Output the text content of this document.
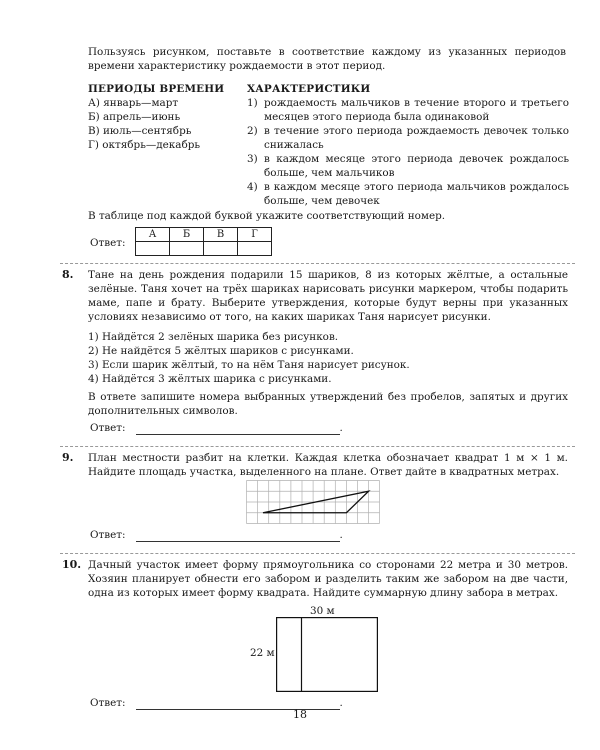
Пользуясь рисунком, поставьте в соответствие каждому из указанных периодов времени характеристику рождаемости в этот период.
ПЕРИОДЫ ВРЕМЕНИ
А) январь—март
Б) апрель—июнь
В) июль—сентябрь
Г) октябрь—декабрь
ХАРАКТЕРИСТИКИ
1) рождаемость мальчиков в течение второго и третьего месяцев этого периода была одинаковой
2) в течение этого периода рождаемость девочек только снижалась
3) в каждом месяце этого периода девочек рождалось больше, чем мальчиков
4) в каждом месяце этого периода мальчиков рождалось больше, чем девочек
В таблице под каждой буквой укажите соответствующий номер.
Ответ:
А	Б	В	Г

8. Тане на день рождения подарили 15 шариков, 8 из которых жёлтые, а остальные зелёные. Таня хочет на трёх шариках нарисовать рисунки маркером, чтобы подарить маме, папе и брату. Выберите утверждения, которые будут верны при указанных условиях независимо от того, на каких шариках Таня нарисует рисунки.
1) Найдётся 2 зелёных шарика без рисунков.
2) Не найдётся 5 жёлтых шариков с рисунками.
3) Если шарик жёлтый, то на нём Таня нарисует рисунок.
4) Найдётся 3 жёлтых шарика с рисунками.
В ответе запишите номера выбранных утверждений без пробелов, запятых и других дополнительных символов.
Ответ:	.
9. План местности разбит на клетки. Каждая клетка обозначает квадрат 1 м × 1 м. Найдите площадь участка, выделенного на плане. Ответ дайте в квадратных метрах.
Ответ:	.
10. Дачный участок имеет форму прямоугольника со сторонами 22 метра и 30 метров. Хозяин планирует обнести его забором и разделить таким же забором на две части, одна из которых имеет форму квадрата. Найдите суммарную длину забора в метрах.
30 м
22 м
Ответ:	.
18
